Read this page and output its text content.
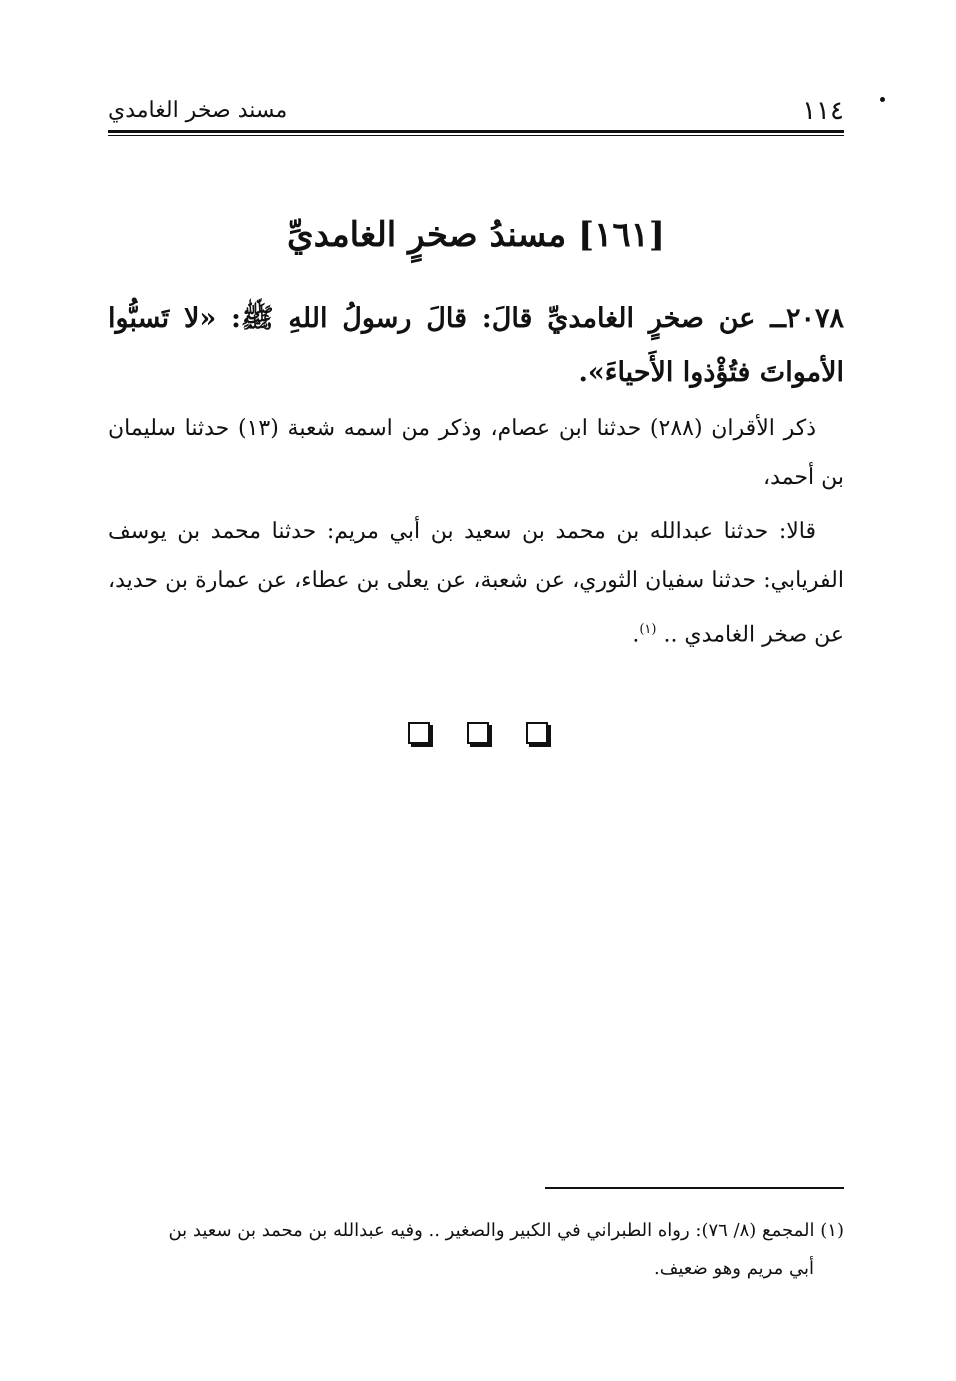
١١٤
مسند صخر الغامدي
[١٦١] مسندُ صخرٍ الغامديِّ
٢٠٧٨ــ عن صخرٍ الغامديِّ قالَ: قالَ رسولُ اللهِ ﷺ: «لا تَسبُّوا الأمواتَ فتُؤْذوا الأَحياءَ».
ذكر الأقران (٢٨٨) حدثنا ابن عصام، وذكر من اسمه شعبة (١٣) حدثنا سليمان بن أحمد،
قالا: حدثنا عبدالله بن محمد بن سعيد بن أبي مريم: حدثنا محمد بن يوسف الفريابي: حدثنا سفيان الثوري، عن شعبة، عن يعلى بن عطاء، عن عمارة بن حديد، عن صخر الغامدي .. $^{(١)}$.

(١) المجمع (٨/ ٧٦): رواه الطبراني في الكبير والصغير .. وفيه عبدالله بن محمد بن سعيد بن
أبي مريم وهو ضعيف.
